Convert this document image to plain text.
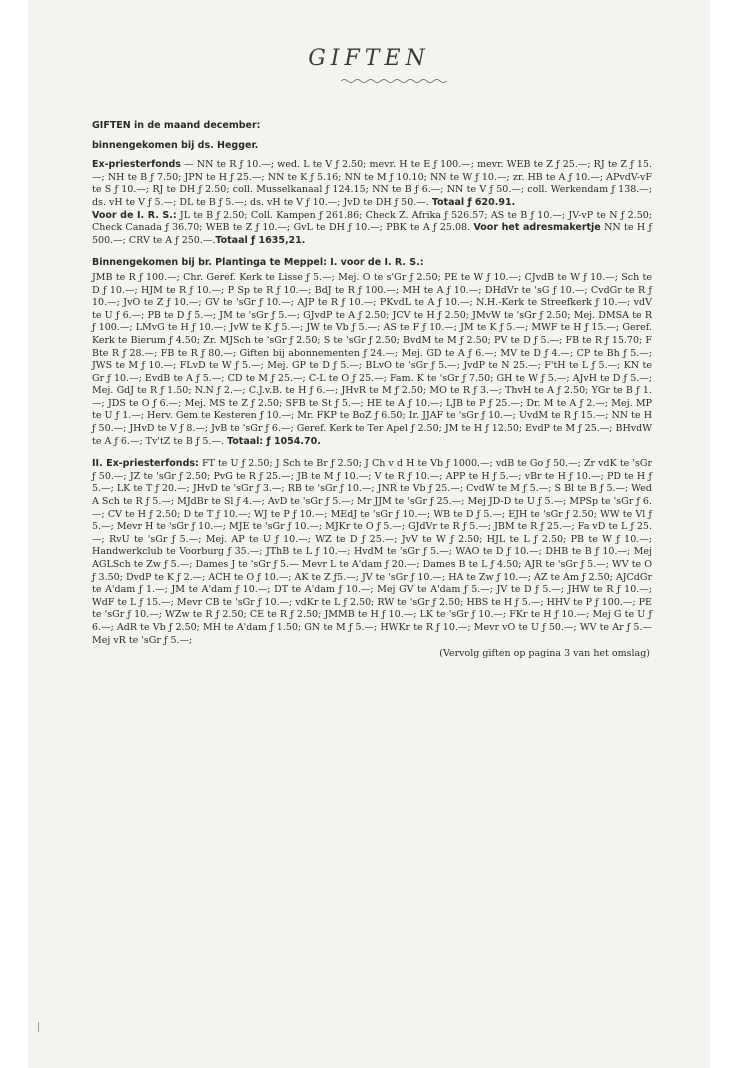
GIFTEN

GIFTEN in de maand december:

binnengekomen bij ds. Hegger.

Ex-priesterfonds — NN te R ƒ 10.—; wed. L te V ƒ 2.50; mevr. H te E ƒ 100.—; mevr. WEB te Z ƒ 25.—; RJ te Z ƒ 15.—; NH te B ƒ 7.50; JPN te H ƒ 25.—; NN te K ƒ 5.16; NN te M ƒ 10.10; NN te W ƒ 10.—; zr. HB te A ƒ 10.—; APvdV-vF te S ƒ 10.—; RJ te DH ƒ 2.50; coll. Musselkanaal ƒ 124.15; NN te B ƒ 6.—; NN te V ƒ 50.—; coll. Werkendam ƒ 138.—; ds. vH te V ƒ 5.—; DL te B ƒ 5.—; ds. vH te V ƒ 10.—; JvD te DH ƒ 50.—. Totaal ƒ 620.91.

Voor de I. R. S.: JL te B ƒ 2.50; Coll. Kampen ƒ 261.86; Check Z. Afrika ƒ 526.57; AS te B ƒ 10.—; JV-vP te N ƒ 2.50; Check Canada ƒ 36.70; WEB te Z ƒ 10.—; GvL te DH ƒ 10.—; PBK te A ƒ 25.08. Voor het adresmakertje NN te H ƒ 500.—; CRV te A ƒ 250.—.Totaal ƒ 1635,21.

Binnengekomen bij br. Plantinga te Meppel: I. voor de I. R. S.:

JMB te R ƒ 100.—; Chr. Geref. Kerk te Lisse ƒ 5.—; Mej. O te s'Gr ƒ 2.50; PE te W ƒ 10.—; CJvdB te W ƒ 10.—; Sch te D ƒ 10.—; HJM te R ƒ 10.—; P Sp te R ƒ 10.—; BdJ te R ƒ 100.—; MH te A ƒ 10.—; DHdVr te 'sG ƒ 10.—; CvdGr te R ƒ 10.—; JvO te Z ƒ 10.—; GV te 'sGr ƒ 10.—; AJP te R ƒ 10.—; PKvdL te A ƒ 10.—; N.H.-Kerk te Streefkerk ƒ 10.—; vdV te U ƒ 6.—; PB te D ƒ 5.—; JM te 'sGr ƒ 5.—; GJvdP te A ƒ 2.50; JCV te H ƒ 2.50; JMvW te 'sGr ƒ 2.50; Mej. DMSA te R ƒ 100.—; LMvG te H ƒ 10.—; JvW te K ƒ 5.—; JW te Vb ƒ 5.—; AS te F ƒ 10.—; JM te K ƒ 5.—; MWF te H ƒ 15.—; Geref. Kerk te Bierum ƒ 4.50; Zr. MJSch te 'sGr ƒ 2.50; S te 'sGr ƒ 2.50; BvdM te M ƒ 2.50; PV te D ƒ 5.—; FB te R ƒ 15.70; F Bte R ƒ 28.—; FB te R ƒ 80.—; Giften bij abonnementen ƒ 24.—; Mej. GD te A ƒ 6.—; MV te D ƒ 4.—; CP te Bh ƒ 5.—; JWS te M ƒ 10.—; FLvD te W ƒ 5.—; Mej. GP te D ƒ 5.—; BLvO te 'sGr ƒ 5.—; JvdP te N 25.—; F'tH te L ƒ 5.—; KN te Gr ƒ 10.—; EvdB te A ƒ 5.—; CD te M ƒ 25.—; C-L te O ƒ 25.—; Fam. K te 'sGr ƒ 7.50; GH te W ƒ 5.—; AJvH te D ƒ 5.—; Mej. GdJ te R ƒ 1.50; N.N ƒ 2.—; C.J.v.B. te H ƒ 6.—; JHvR te M ƒ 2.50; MO te R ƒ 3.—; ThvH te A ƒ 2.50; YGr te B ƒ 1.—; JDS te O ƒ 6.—; Mej. MS te Z ƒ 2.50; SFB te St ƒ 5.—; HE te A ƒ 10.—; LJB te P ƒ 25.—; Dr. M te A ƒ 2.—; Mej. MP te U ƒ 1.—; Herv. Gem te Kesteren ƒ 10.—; Mr. FKP te BoZ ƒ 6.50; Ir. JJAF te 'sGr ƒ 10.—; UvdM te R ƒ 15.—; NN te H ƒ 50.—; JHvD te V ƒ 8.—; JvB te 'sGr ƒ 6.—; Geref. Kerk te Ter Apel ƒ 2.50; JM te H ƒ 12.50; EvdP te M ƒ 25.—; BHvdW te A ƒ 6.—; Tv'tZ te B ƒ 5.—. Totaal: ƒ 1054.70.

II. Ex-priesterfonds: FT te U ƒ 2.50; J Sch te Br ƒ 2.50; J Ch v d H te Vb ƒ 1000.—; vdB te Go ƒ 50.—; Zr vdK te 'sGr ƒ 50.—; JZ te 'sGr ƒ 2.50; PvG te R ƒ 25.—; JB te M ƒ 10.—; V te R ƒ 10.—; APP te H ƒ 5.—; vBr te H ƒ 10.—; PD te H ƒ 5.—; LK te T ƒ 20.—; JHvD te 'sGr ƒ 3.—; RB te 'sGr ƒ 10.—; JNR te Vb ƒ 25.—; CvdW te M ƒ 5.—; S Bl te B ƒ 5.—; Wed A Sch te R ƒ 5.—; MJdBr te Sl ƒ 4.—; AvD te 'sGr ƒ 5.—; Mr JJM te 'sGr ƒ 25.—; Mej JD-D te U ƒ 5.—; MPSp te 'sGr ƒ 6.—; CV te H ƒ 2.50; D te T ƒ 10.—; WJ te P ƒ 10.—; MEdJ te 'sGr ƒ 10.—; WB te D ƒ 5.—; EJH te 'sGr ƒ 2.50; WW te Vl ƒ 5.—; Mevr H te 'sGr ƒ 10.—; MJE te 'sGr ƒ 10.—; MJKr te O ƒ 5.—; GJdVr te R ƒ 5.—; JBM te R ƒ 25.—; Fa vD te L ƒ 25.—; RvU te 'sGr ƒ 5.—; Mej. AP te U ƒ 10.—; WZ te D ƒ 25.—; JvV te W ƒ 2.50; HJL te L ƒ 2.50; PB te W ƒ 10.—; Handwerkclub te Voorburg ƒ 35.—; JThB te L ƒ 10.—; HvdM te 'sGr ƒ 5.—; WAO te D ƒ 10.—; DHB te B ƒ 10.—; Mej AGLSch te Zw ƒ 5.—; Dames J te 'sGr ƒ 5.— Mevr L te A'dam ƒ 20.—; Dames B te L ƒ 4.50; AJR te 'sGr ƒ 5.—; WV te O ƒ 3.50; DvdP te K ƒ 2.—; ACH te O ƒ 10.—; AK te Z ƒ5.—; JV te 'sGr ƒ 10.—; HA te Zw ƒ 10.—; AZ te Am ƒ 2.50; AJCdGr te A'dam ƒ 1.—; JM te A'dam ƒ 10.—; DT te A'dam ƒ 10.—; Mej GV te A'dam ƒ 5.—; JV te D ƒ 5.—; JHW te R ƒ 10.—; WdF te L ƒ 15.—; Mevr CB te 'sGr ƒ 10.—; vdKr te L ƒ 2.50; RW te 'sGr ƒ 2.50; HBS te H ƒ 5.—; HHV te P ƒ 100.—; PE te 'sGr ƒ 10.—; WZw te R ƒ 2.50; CE te R ƒ 2.50; JMMB te H ƒ 10.—; LK te 'sGr ƒ 10.—; FKr te H ƒ 10.—; Mej G te U ƒ 6.—; AdR te Vb ƒ 2.50; MH te A'dam ƒ 1.50; GN te M ƒ 5.—; HWKr te R ƒ 10.—; Mevr vO te U ƒ 50.—; WV te Ar ƒ 5.— Mej vR te 'sGr ƒ 5.—;

(Vervolg giften op pagina 3 van het omslag)
